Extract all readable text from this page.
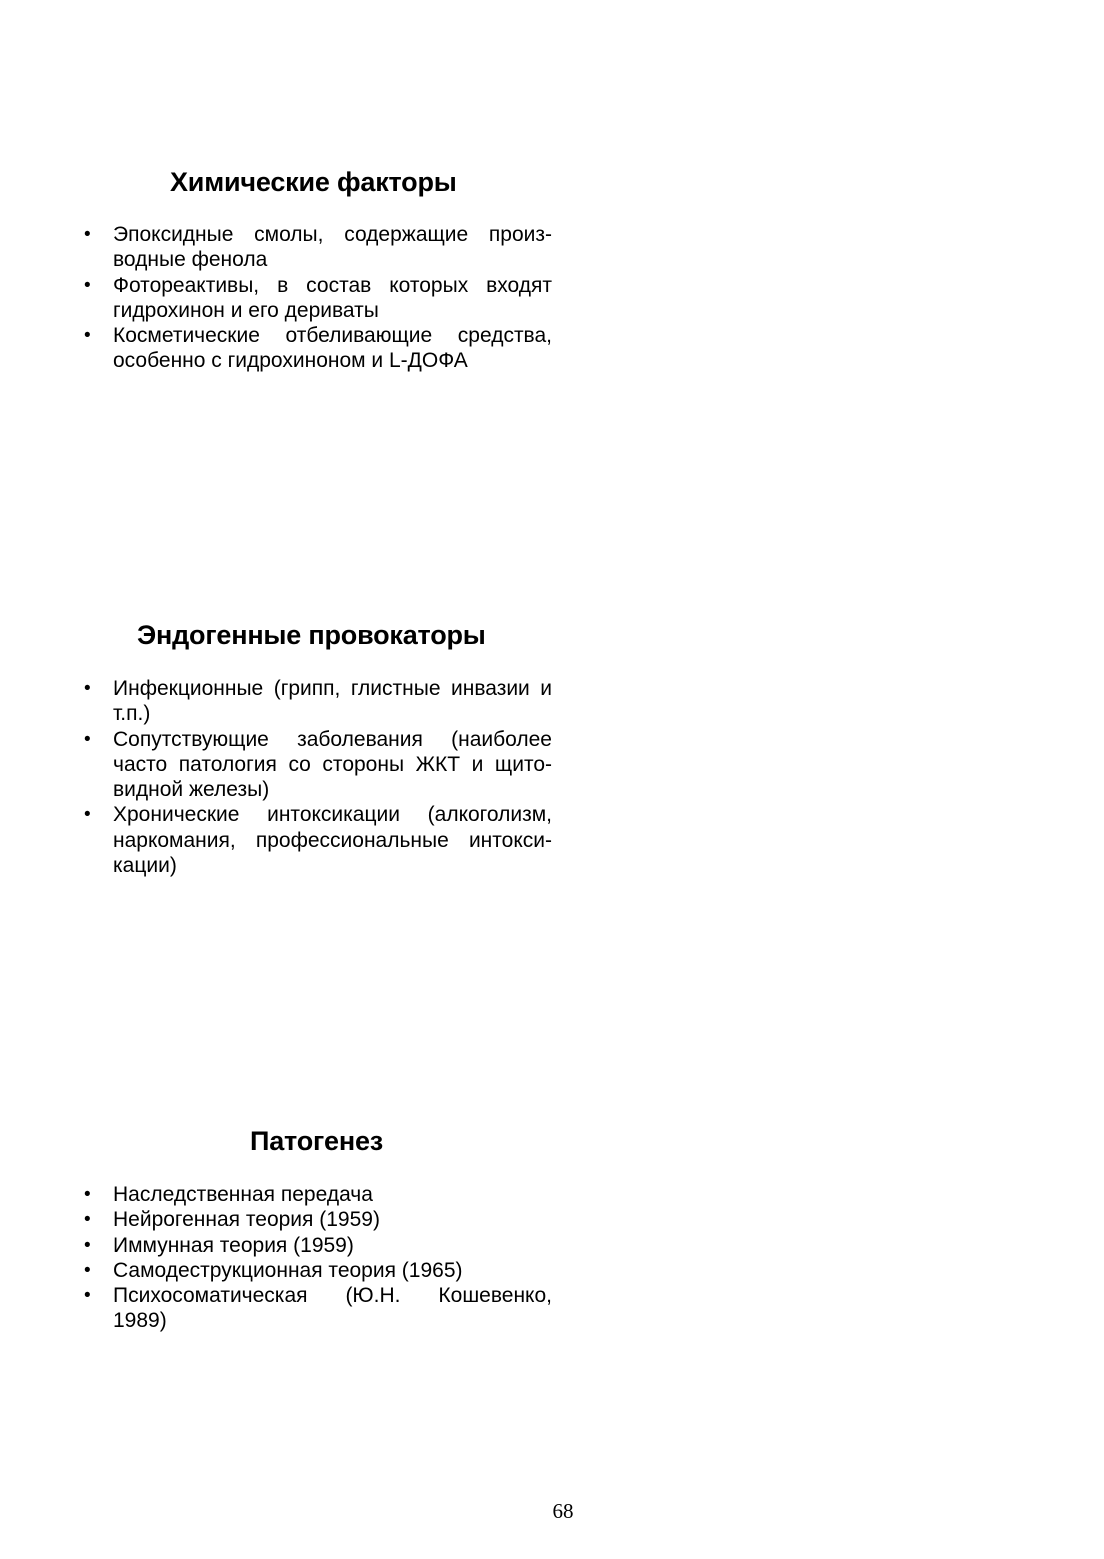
Химические факторы
• Эпоксидные смолы, содержащие произ-
водные фенола
• Фотореактивы, в состав которых входят
гидрохинон и его дериваты
• Косметические отбеливающие средства,
особенно с гидрохиноном и L-ДОФА
Эндогенные провокаторы
• Инфекционные (грипп, глистные инвазии и
т.п.)
• Сопутствующие заболевания (наиболее
часто патология со стороны ЖКТ и щито-
видной железы)
• Хронические интоксикации (алкоголизм,
наркомания, профессиональные интокси-
кации)
Патогенез
• Наследственная передача
• Нейрогенная теория (1959)
• Иммунная теория (1959)
• Самодеструкционная теория (1965)
• Психосоматическая (Ю.Н. Кошевенко,
1989)
68
